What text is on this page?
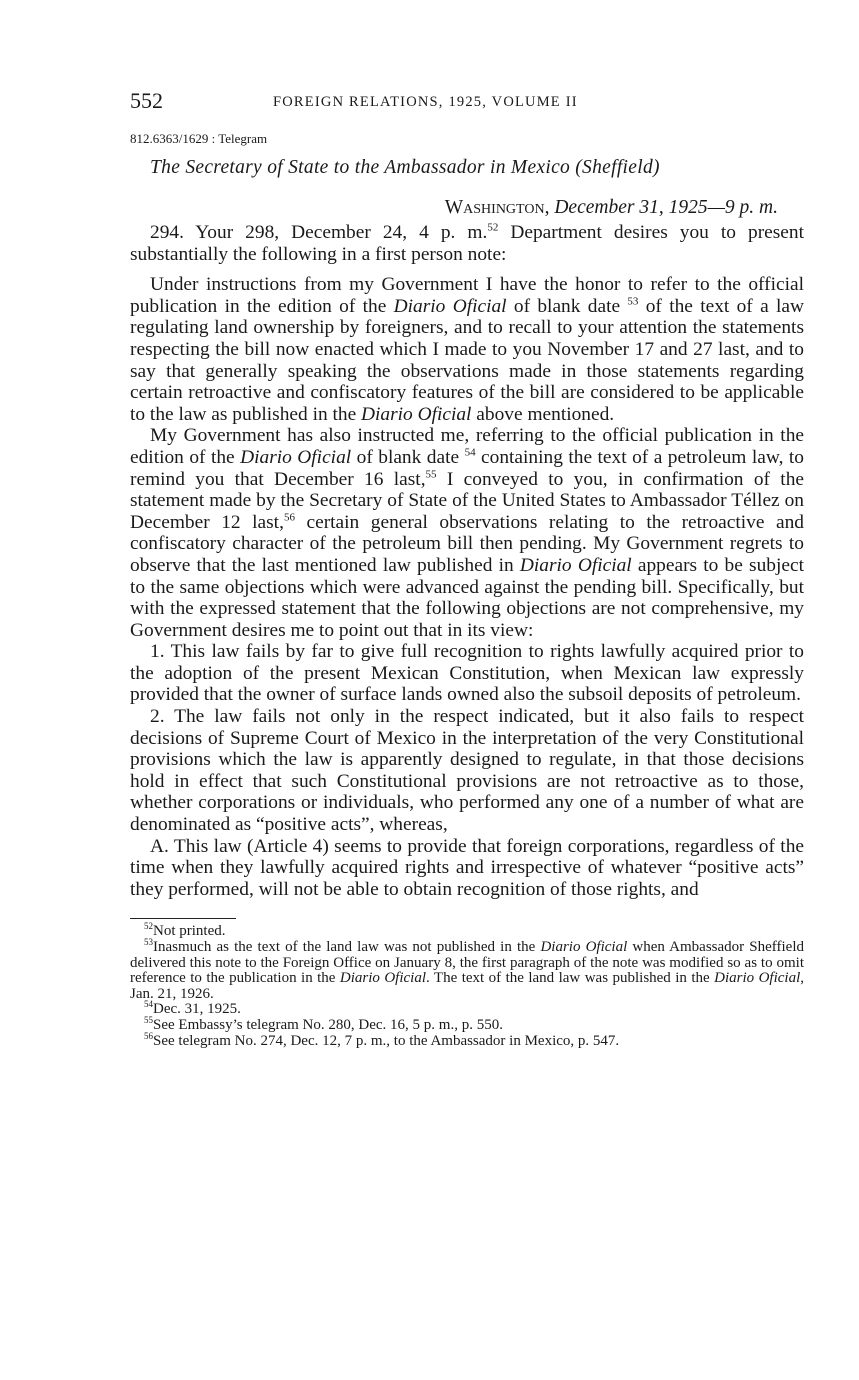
552	FOREIGN RELATIONS, 1925, VOLUME II
812.6363/1629 : Telegram
The Secretary of State to the Ambassador in Mexico (Sheffield)
Washington, December 31, 1925—9 p. m.

294. Your 298, December 24, 4 p. m.$^{52}$ Department desires you to present substantially the following in a first person note:

Under instructions from my Government I have the honor to refer to the official publication in the edition of the Diario Oficial of blank date $^{53}$ of the text of a law regulating land ownership by foreigners, and to recall to your attention the statements respecting the bill now enacted which I made to you November 17 and 27 last, and to say that generally speaking the observations made in those statements regarding certain retroactive and confiscatory features of the bill are considered to be applicable to the law as published in the Diario Oficial above mentioned.

My Government has also instructed me, referring to the official publication in the edition of the Diario Oficial of blank date $^{54}$ containing the text of a petroleum law, to remind you that December 16 last,$^{55}$ I conveyed to you, in confirmation of the statement made by the Secretary of State of the United States to Ambassador Téllez on December 12 last,$^{56}$ certain general observations relating to the retroactive and confiscatory character of the petroleum bill then pending. My Government regrets to observe that the last mentioned law published in Diario Oficial appears to be subject to the same objections which were advanced against the pending bill. Specifically, but with the expressed statement that the following objections are not comprehensive, my Government desires me to point out that in its view:

1. This law fails by far to give full recognition to rights lawfully acquired prior to the adoption of the present Mexican Constitution, when Mexican law expressly provided that the owner of surface lands owned also the subsoil deposits of petroleum.

2. The law fails not only in the respect indicated, but it also fails to respect decisions of Supreme Court of Mexico in the interpretation of the very Constitutional provisions which the law is apparently designed to regulate, in that those decisions hold in effect that such Constitutional provisions are not retroactive as to those, whether corporations or individuals, who performed any one of a number of what are denominated as “positive acts”, whereas,

A. This law (Article 4) seems to provide that foreign corporations, regardless of the time when they lawfully acquired rights and irrespective of whatever “positive acts” they performed, will not be able to obtain recognition of those rights, and

$^{52}$Not printed.

$^{53}$Inasmuch as the text of the land law was not published in the Diario Oficial when Ambassador Sheffield delivered this note to the Foreign Office on January 8, the first paragraph of the note was modified so as to omit reference to the publication in the Diario Oficial. The text of the land law was published in the Diario Oficial, Jan. 21, 1926.

$^{54}$Dec. 31, 1925.

$^{55}$See Embassy’s telegram No. 280, Dec. 16, 5 p. m., p. 550.

$^{56}$See telegram No. 274, Dec. 12, 7 p. m., to the Ambassador in Mexico, p. 547.
